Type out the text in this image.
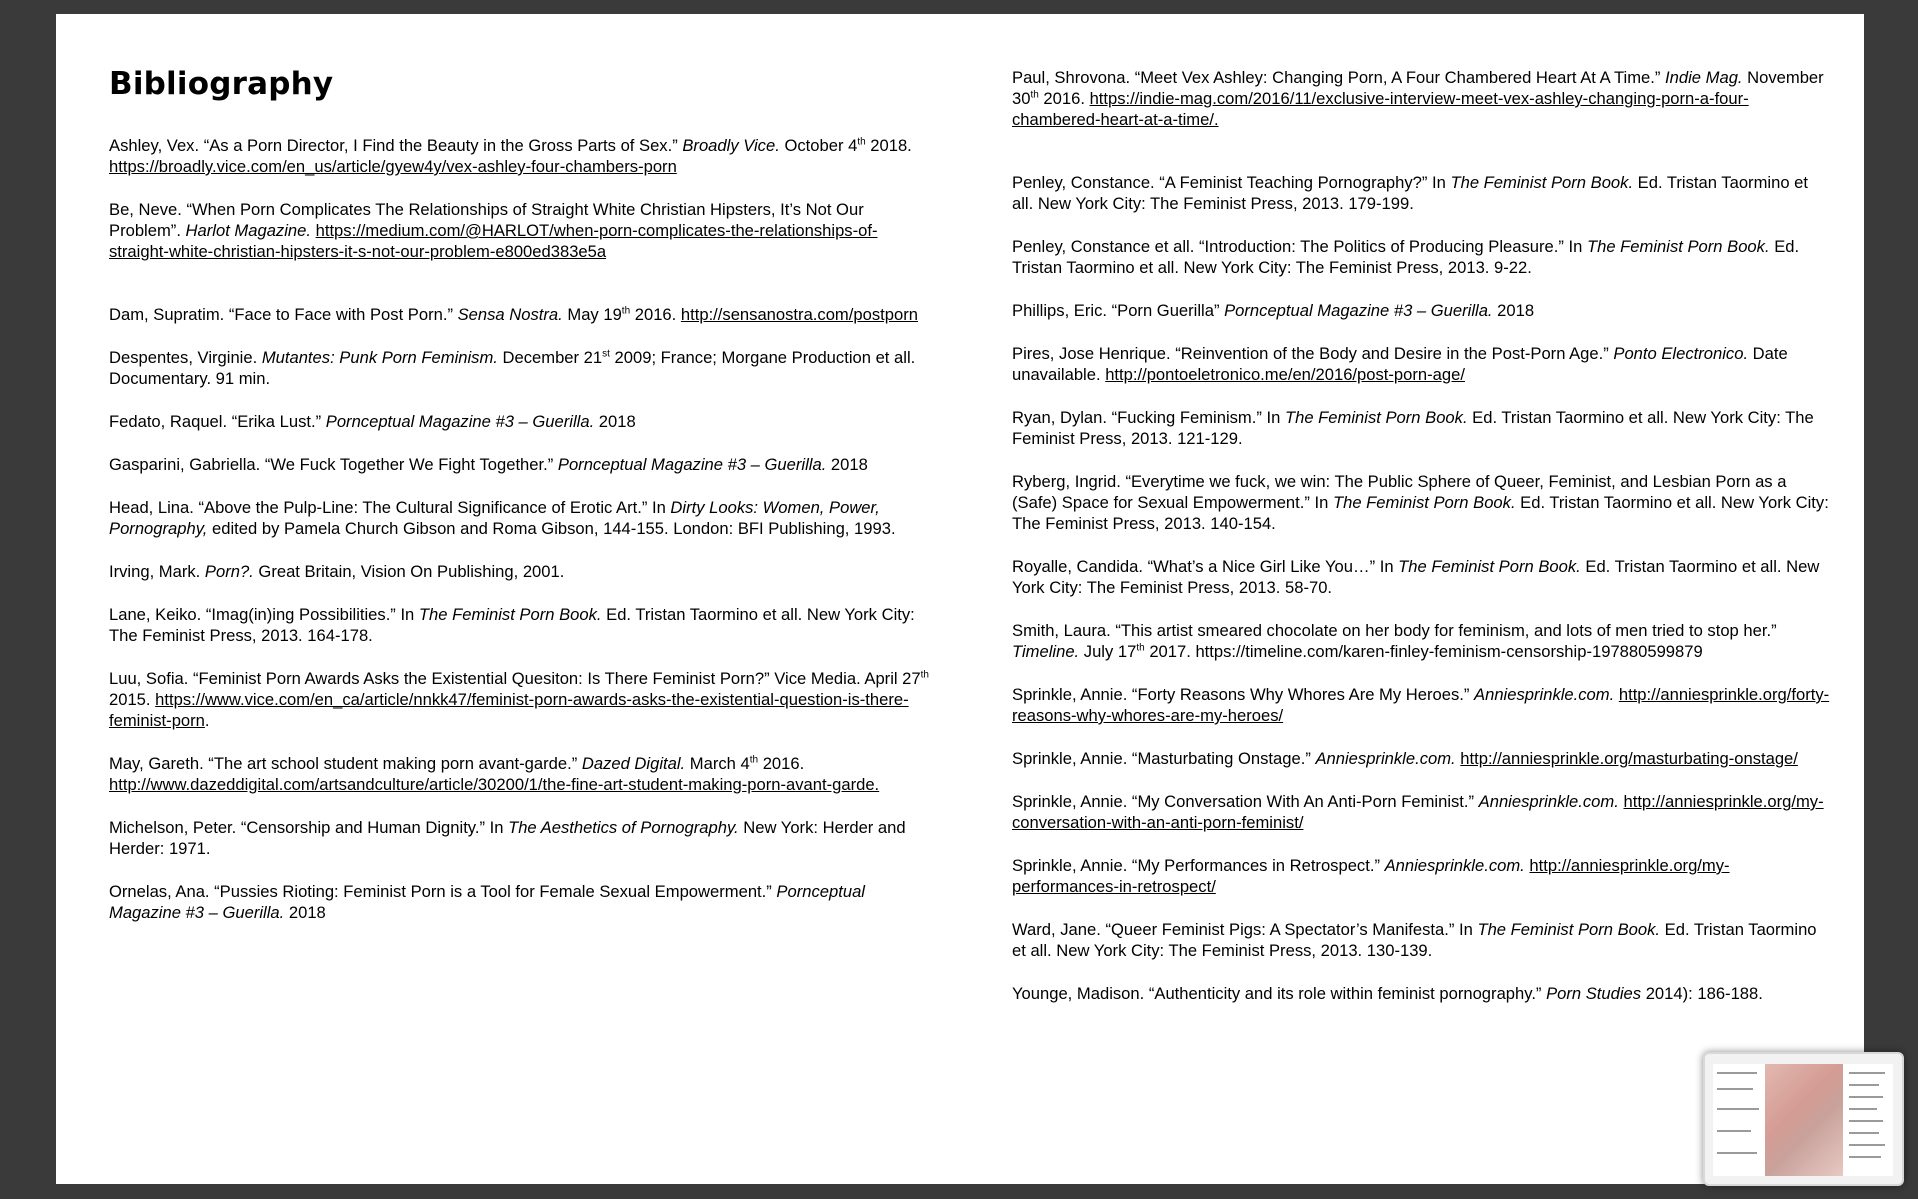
Bibliography

Ashley, Vex. “As a Porn Director, I Find the Beauty in the Gross Parts of Sex.” Broadly Vice. October 4th 2018. https://broadly.vice.com/en_us/article/gyew4y/vex-ashley-four-chambers-porn

Be, Neve. “When Porn Complicates The Relationships of Straight White Christian Hipsters, It’s Not Our Problem”. Harlot Magazine. https://medium.com/@HARLOT/when-porn-complicates-the-relationships-of-straight-white-christian-hipsters-it-s-not-our-problem-e800ed383e5a

Dam, Supratim. “Face to Face with Post Porn.” Sensa Nostra. May 19th 2016. http://sensanostra.com/postporn

Despentes, Virginie. Mutantes: Punk Porn Feminism. December 21st 2009; France; Morgane Production et all. Documentary. 91 min.

Fedato, Raquel. “Erika Lust.” Pornceptual Magazine #3 – Guerilla. 2018

Gasparini, Gabriella. “We Fuck Together We Fight Together.” Pornceptual Magazine #3 – Guerilla. 2018

Head, Lina. “Above the Pulp-Line: The Cultural Significance of Erotic Art.” In Dirty Looks: Women, Power, Pornography, edited by Pamela Church Gibson and Roma Gibson, 144-155. London: BFI Publishing, 1993.

Irving, Mark. Porn?. Great Britain, Vision On Publishing, 2001.

Lane, Keiko. “Imag(in)ing Possibilities.” In The Feminist Porn Book. Ed. Tristan Taormino et all. New York City: The Feminist Press, 2013. 164-178.

Luu, Sofia. “Feminist Porn Awards Asks the Existential Quesiton: Is There Feminist Porn?” Vice Media. April 27th 2015. https://www.vice.com/en_ca/article/nnkk47/feminist-porn-awards-asks-the-existential-question-is-there-feminist-porn.

May, Gareth. “The art school student making porn avant-garde.” Dazed Digital. March 4th 2016. http://www.dazeddigital.com/artsandculture/article/30200/1/the-fine-art-student-making-porn-avant-garde.

Michelson, Peter. “Censorship and Human Dignity.” In The Aesthetics of Pornography. New York: Herder and Herder: 1971.

Ornelas, Ana. “Pussies Rioting: Feminist Porn is a Tool for Female Sexual Empowerment.” Pornceptual Magazine #3 – Guerilla. 2018

Paul, Shrovona. “Meet Vex Ashley: Changing Porn, A Four Chambered Heart At A Time.” Indie Mag. November 30th 2016. https://indie-mag.com/2016/11/exclusive-interview-meet-vex-ashley-changing-porn-a-four-chambered-heart-at-a-time/.

Penley, Constance. “A Feminist Teaching Pornography?” In The Feminist Porn Book. Ed. Tristan Taormino et all. New York City: The Feminist Press, 2013. 179-199.

Penley, Constance et all. “Introduction: The Politics of Producing Pleasure.” In The Feminist Porn Book. Ed. Tristan Taormino et all. New York City: The Feminist Press, 2013. 9-22.

Phillips, Eric. “Porn Guerilla” Pornceptual Magazine #3 – Guerilla. 2018

Pires, Jose Henrique. “Reinvention of the Body and Desire in the Post-Porn Age.” Ponto Electronico. Date unavailable. http://pontoeletronico.me/en/2016/post-porn-age/

Ryan, Dylan. “Fucking Feminism.” In The Feminist Porn Book. Ed. Tristan Taormino et all. New York City: The Feminist Press, 2013. 121-129.

Ryberg, Ingrid. “Everytime we fuck, we win: The Public Sphere of Queer, Feminist, and Lesbian Porn as a (Safe) Space for Sexual Empowerment.” In The Feminist Porn Book. Ed. Tristan Taormino et all. New York City: The Feminist Press, 2013. 140-154.

Royalle, Candida. “What’s a Nice Girl Like You…” In The Feminist Porn Book. Ed. Tristan Taormino et all. New York City: The Feminist Press, 2013. 58-70.

Smith, Laura. “This artist smeared chocolate on her body for feminism, and lots of men tried to stop her.” Timeline. July 17th 2017. https://timeline.com/karen-finley-feminism-censorship-197880599879

Sprinkle, Annie. “Forty Reasons Why Whores Are My Heroes.” Anniesprinkle.com. http://anniesprinkle.org/forty-reasons-why-whores-are-my-heroes/

Sprinkle, Annie. “Masturbating Onstage.” Anniesprinkle.com. http://anniesprinkle.org/masturbating-onstage/

Sprinkle, Annie. “My Conversation With An Anti-Porn Feminist.” Anniesprinkle.com. http://anniesprinkle.org/my-conversation-with-an-anti-porn-feminist/

Sprinkle, Annie. “My Performances in Retrospect.” Anniesprinkle.com. http://anniesprinkle.org/my-performances-in-retrospect/

Ward, Jane. “Queer Feminist Pigs: A Spectator’s Manifesta.” In The Feminist Porn Book. Ed. Tristan Taormino et all. New York City: The Feminist Press, 2013. 130-139.

Younge, Madison. “Authenticity and its role within feminist pornography.” Porn Studies 2014): 186-188.
